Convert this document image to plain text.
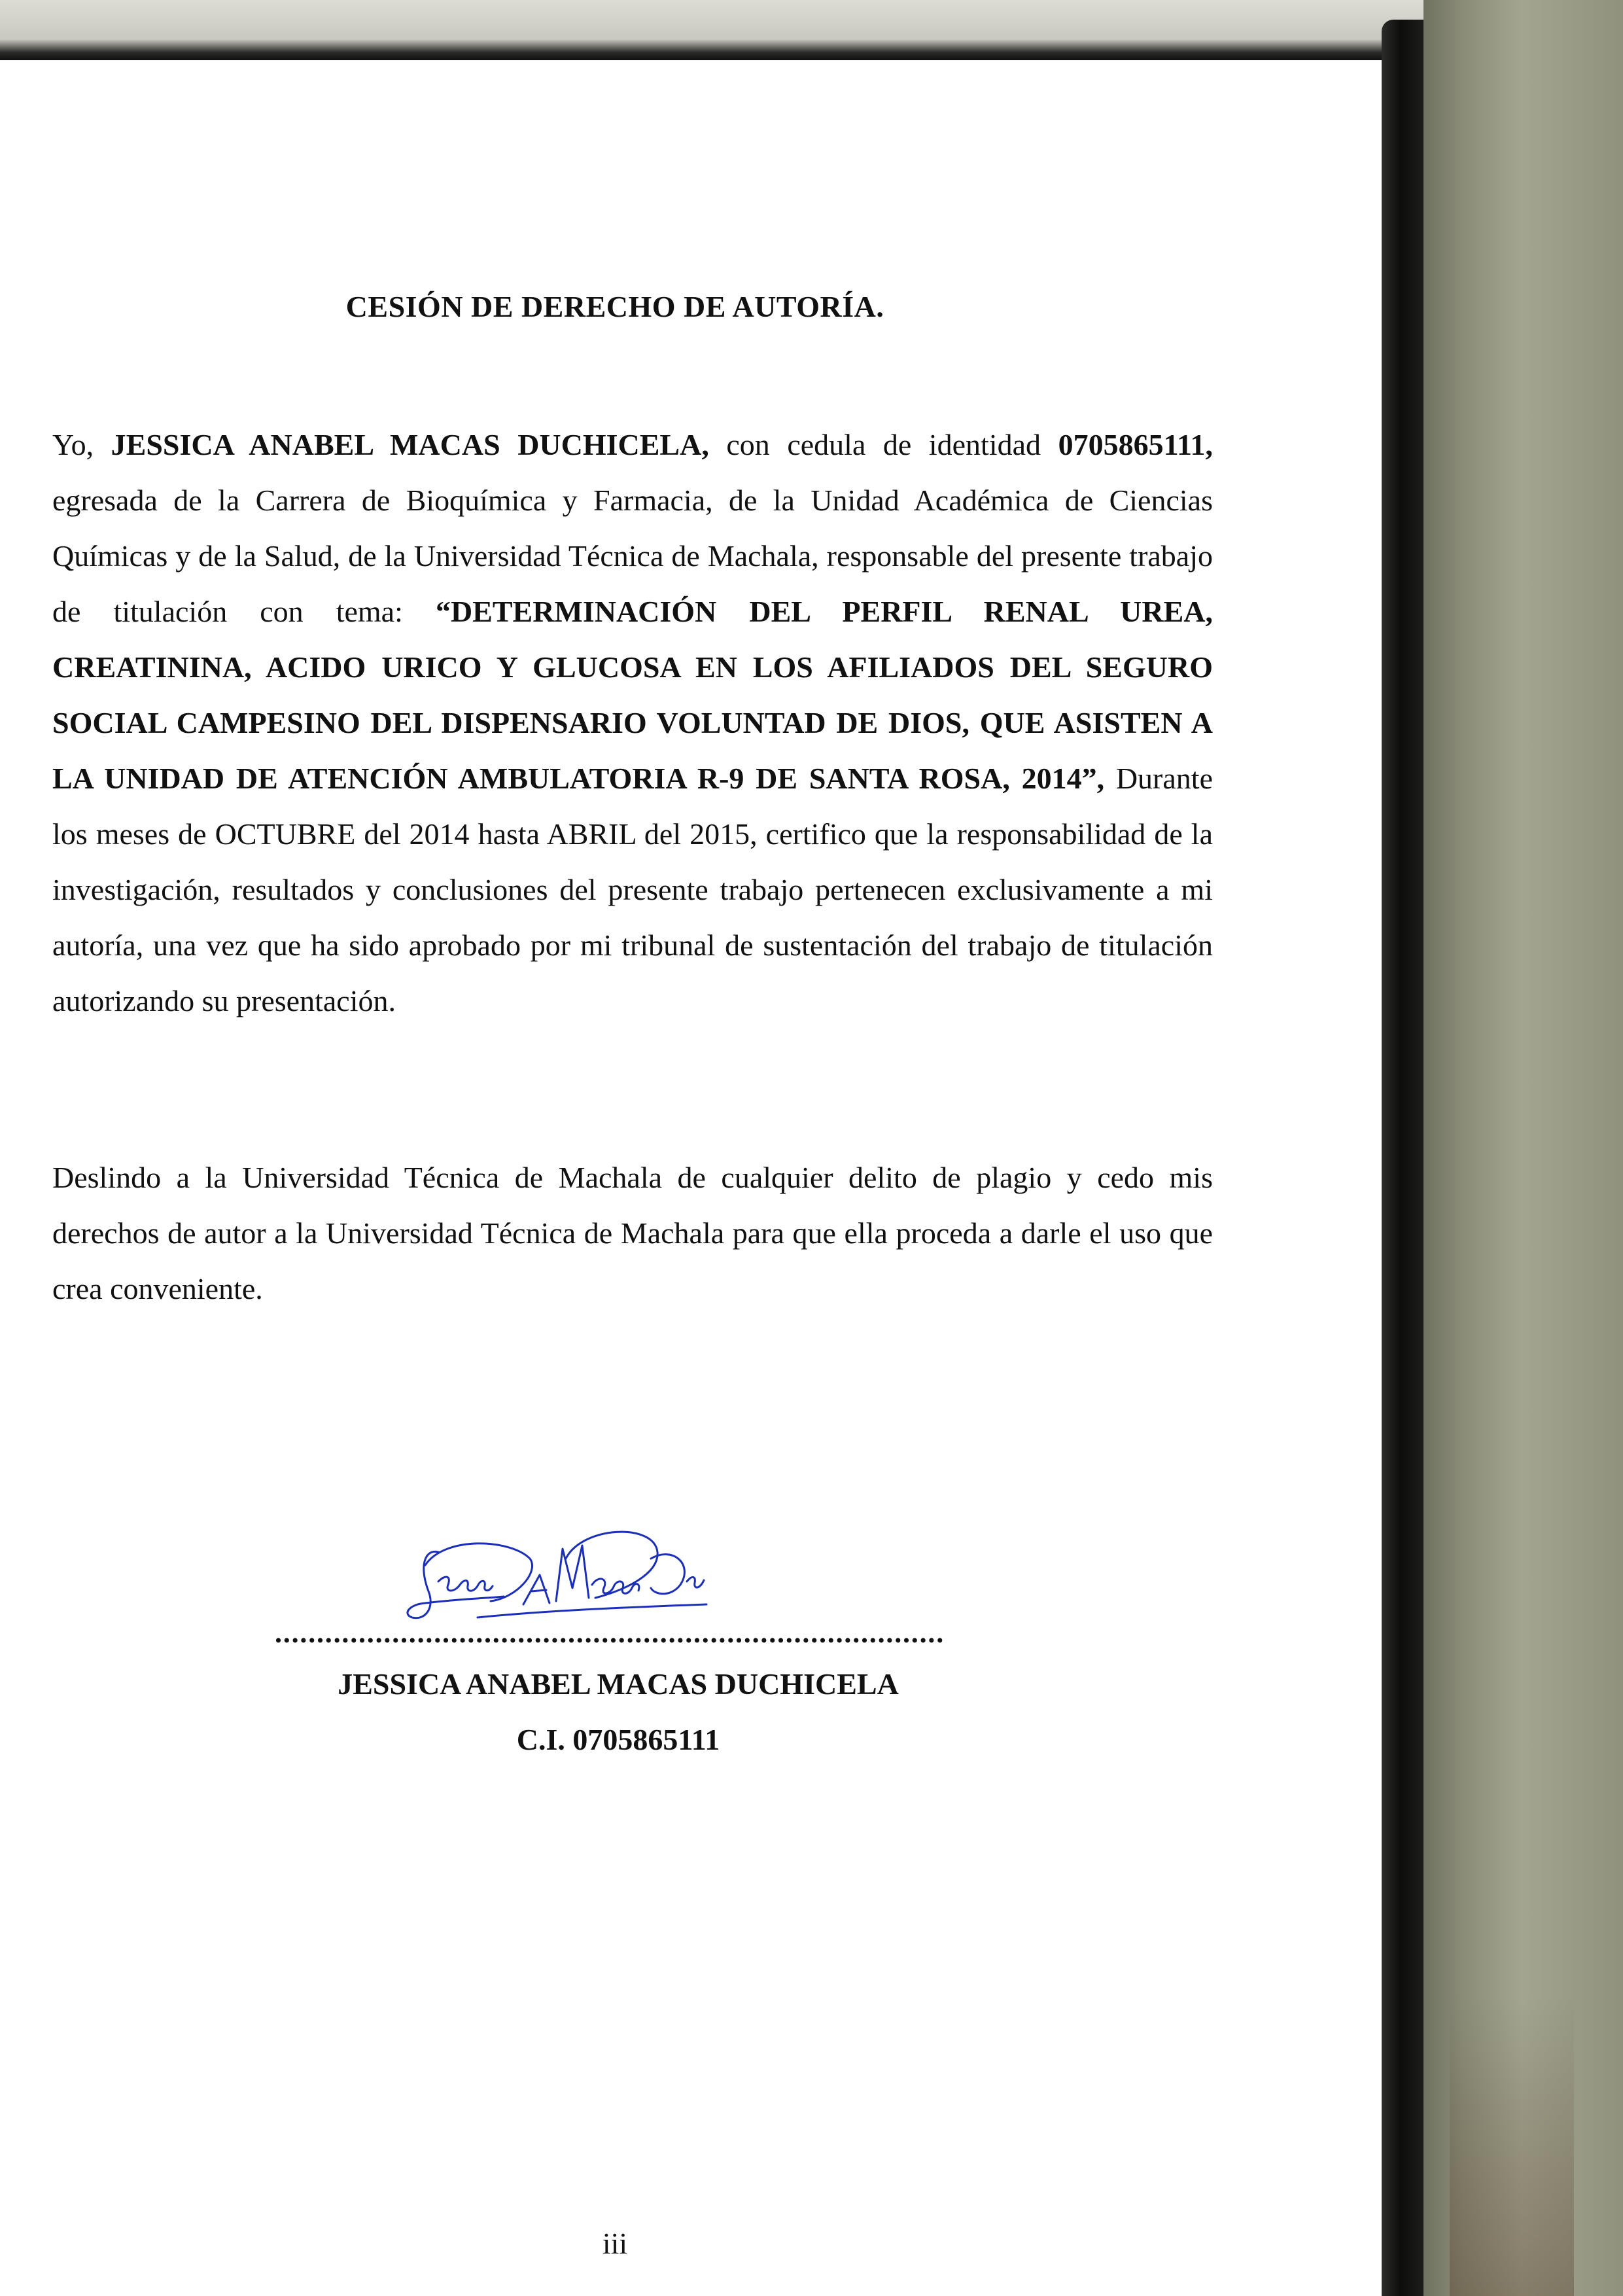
CESIÓN DE DERECHO DE AUTORÍA.

Yo, JESSICA ANABEL MACAS DUCHICELA, con cedula de identidad 0705865111, egresada de la Carrera de Bioquímica y Farmacia, de la Unidad Académica de Ciencias Químicas y de la Salud, de la Universidad Técnica de Machala, responsable del presente trabajo de titulación con tema: “DETERMINACIÓN DEL PERFIL RENAL UREA, CREATININA, ACIDO URICO Y GLUCOSA EN LOS AFILIADOS DEL SEGURO SOCIAL CAMPESINO DEL DISPENSARIO VOLUNTAD DE DIOS, QUE ASISTEN A LA UNIDAD DE ATENCIÓN AMBULATORIA R-9 DE SANTA ROSA, 2014”, Durante los meses de OCTUBRE del 2014 hasta ABRIL del 2015, certifico que la responsabilidad de la investigación, resultados y conclusiones del presente trabajo pertenecen exclusivamente a mi autoría, una vez que ha sido aprobado por mi tribunal de sustentación del trabajo de titulación autorizando su presentación.

Deslindo a la Universidad Técnica de Machala de cualquier delito de plagio y cedo mis derechos de autor a la Universidad Técnica de Machala para que ella proceda a darle el uso que crea conveniente.

................................................................................
JESSICA ANABEL MACAS DUCHICELA
C.I. 0705865111
iii
